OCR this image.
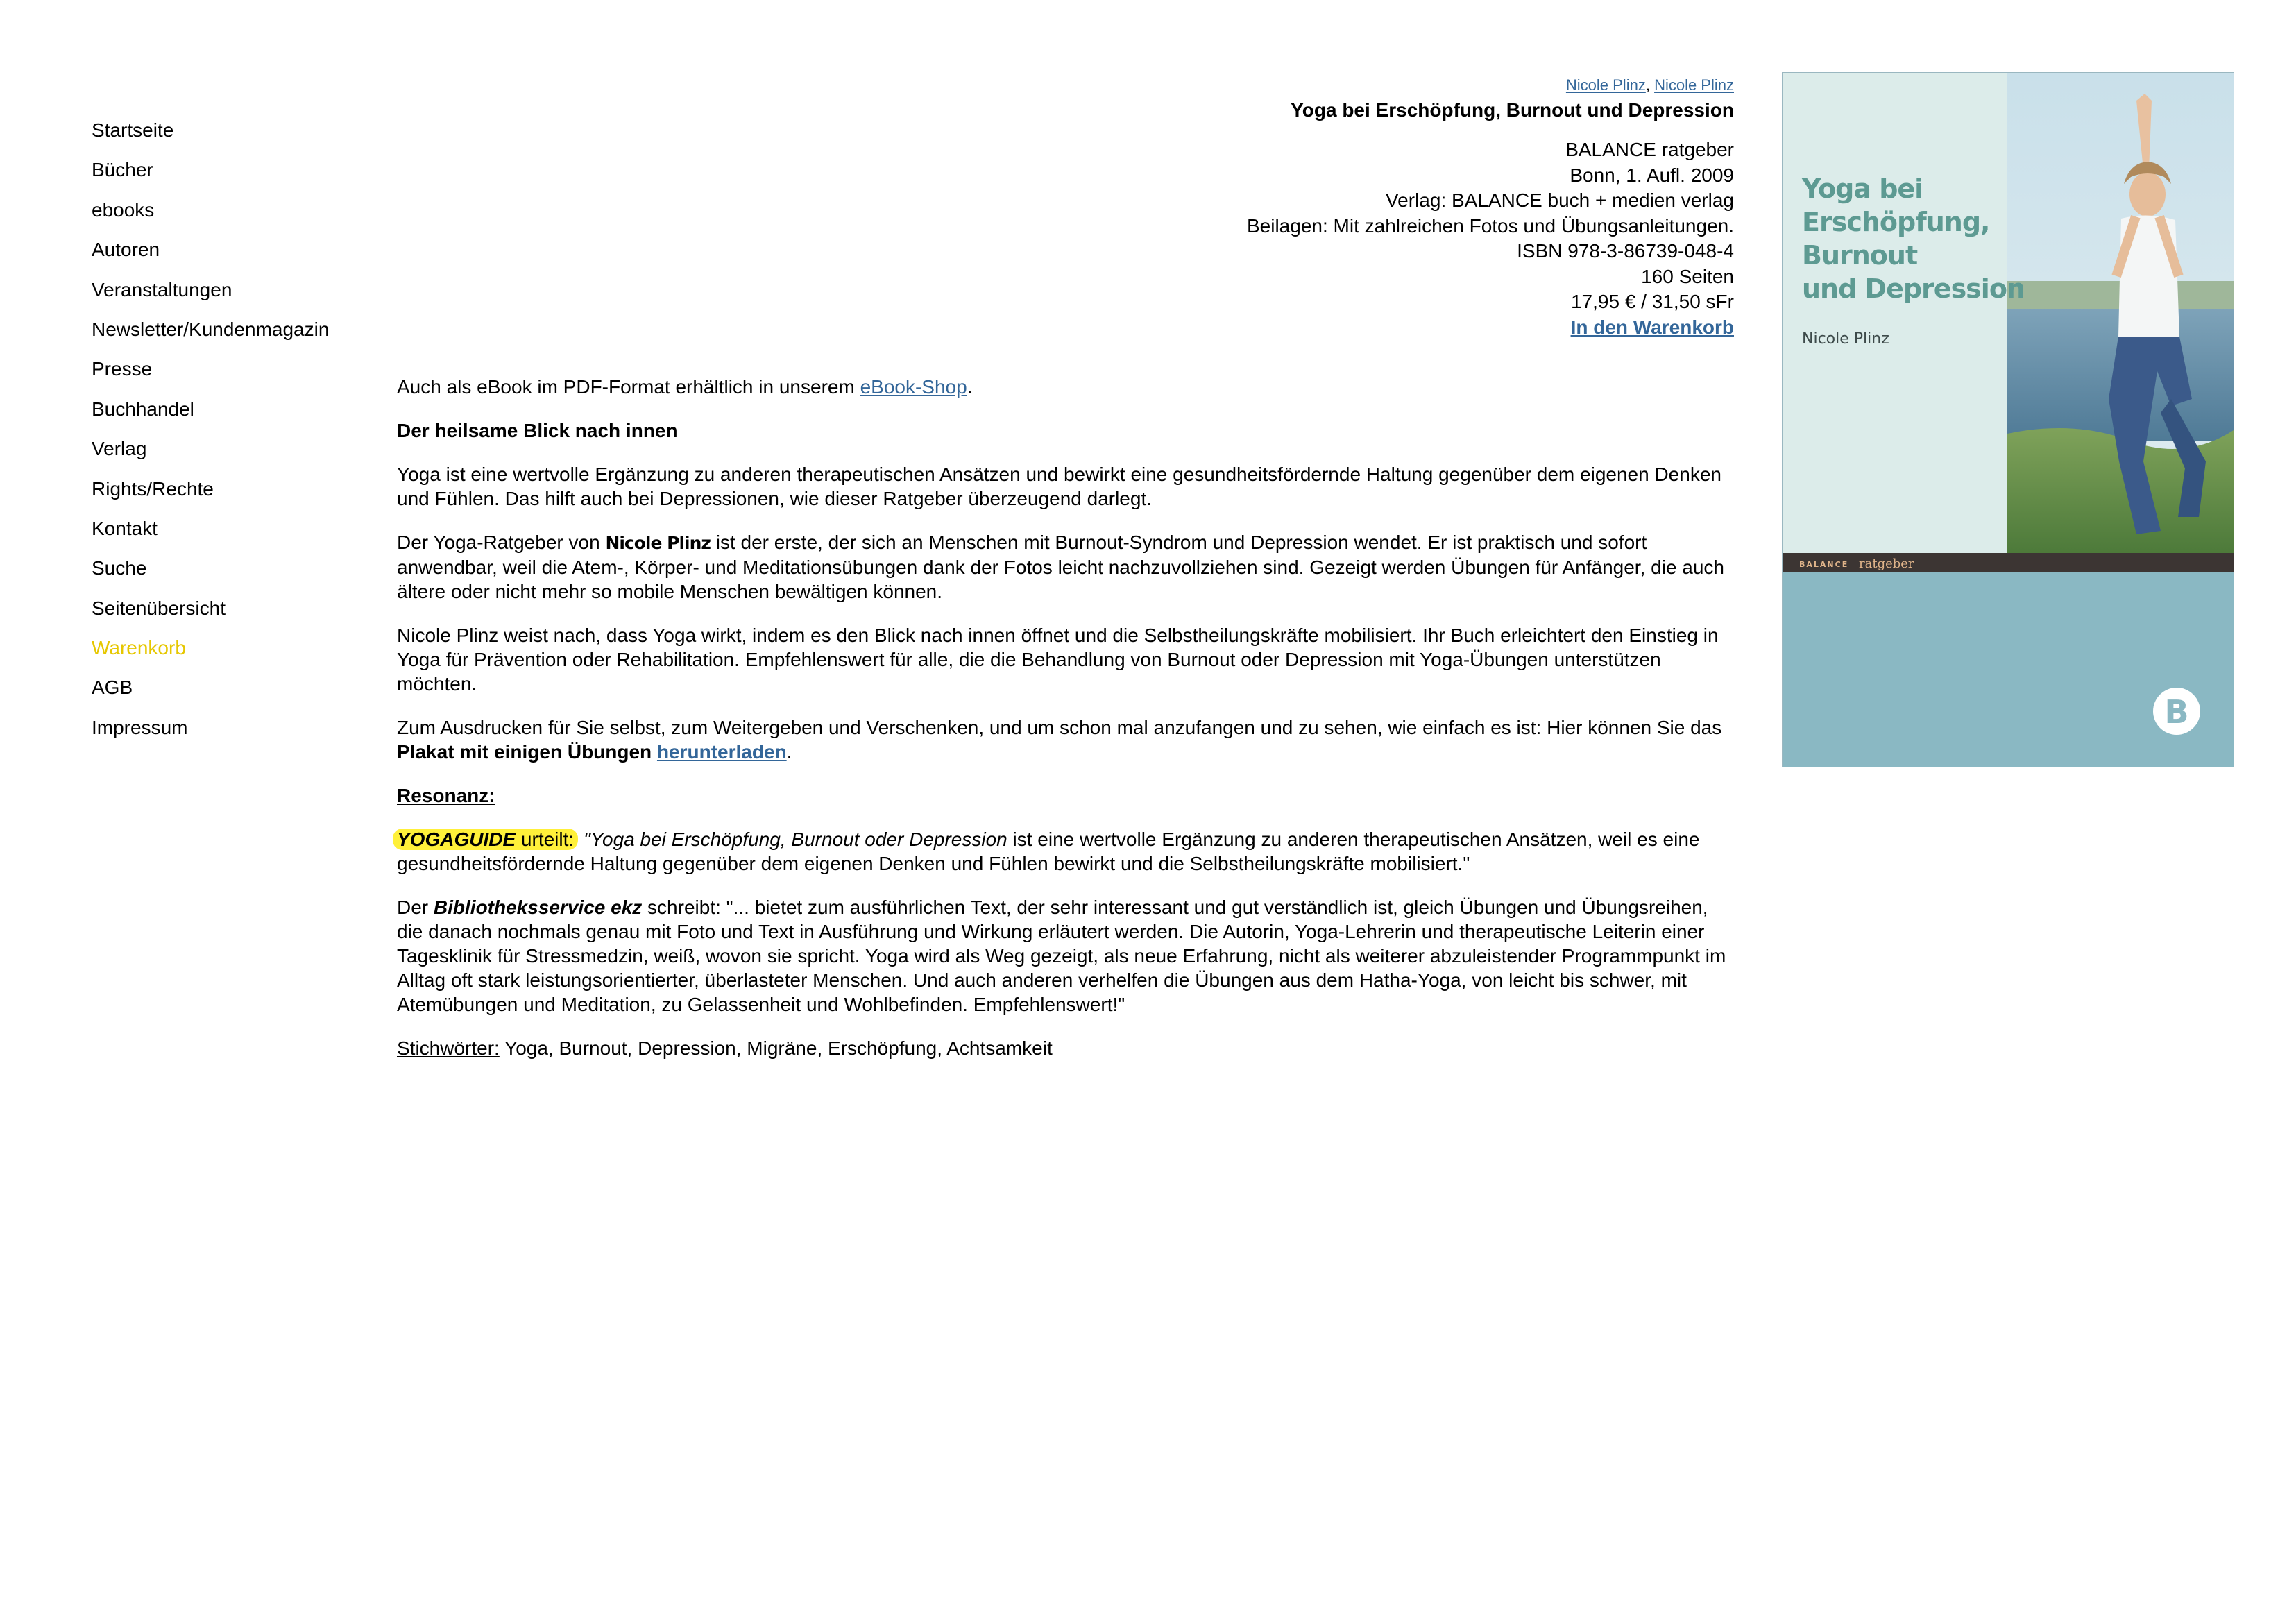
Startseite
Bücher
ebooks
Autoren
Veranstaltungen
Newsletter/Kundenmagazin
Presse
Buchhandel
Verlag
Rights/Rechte
Kontakt
Suche
Seitenübersicht
Warenkorb
AGB
Impressum
Nicole Plinz, Nicole Plinz
Yoga bei Erschöpfung, Burnout und Depression
BALANCE ratgeber
Bonn, 1. Aufl. 2009
Verlag: BALANCE buch + medien verlag
Beilagen: Mit zahlreichen Fotos und Übungsanleitungen.
ISBN 978-3-86739-048-4
160 Seiten
17,95 € / 31,50 sFr
In den Warenkorb
Yoga bei
Erschöpfung,
Burnout
und Depression
Nicole Plinz
BALANCE ratgeber
B

Auch als eBook im PDF-Format erhältlich in unserem eBook-Shop.

Der heilsame Blick nach innen

Yoga ist eine wertvolle Ergänzung zu anderen therapeutischen Ansätzen und bewirkt eine gesundheitsfördernde Haltung gegenüber dem eigenen Denken und Fühlen. Das hilft auch bei Depressionen, wie dieser Ratgeber überzeugend darlegt.

Der Yoga-Ratgeber von Nicole Plinz ist der erste, der sich an Menschen mit Burnout-Syndrom und Depression wendet. Er ist praktisch und sofort anwendbar, weil die Atem-, Körper- und Meditationsübungen dank der Fotos leicht nachzuvollziehen sind. Gezeigt werden Übungen für Anfänger, die auch ältere oder nicht mehr so mobile Menschen bewältigen können.

Nicole Plinz weist nach, dass Yoga wirkt, indem es den Blick nach innen öffnet und die Selbstheilungskräfte mobilisiert. Ihr Buch erleichtert den Einstieg in Yoga für Prävention oder Rehabilitation. Empfehlenswert für alle, die die Behandlung von Burnout oder Depression mit Yoga-Übungen unterstützen möchten.

Zum Ausdrucken für Sie selbst, zum Weitergeben und Verschenken, und um schon mal anzufangen und zu sehen, wie einfach es ist: Hier können Sie das Plakat mit einigen Übungen herunterladen.

Resonanz:

YOGAGUIDE urteilt: "Yoga bei Erschöpfung, Burnout oder Depression ist eine wertvolle Ergänzung zu anderen therapeutischen Ansätzen, weil es eine gesundheitsfördernde Haltung gegenüber dem eigenen Denken und Fühlen bewirkt und die Selbstheilungskräfte mobilisiert."

Der Bibliotheksservice ekz schreibt: "... bietet zum ausführlichen Text, der sehr interessant und gut verständlich ist, gleich Übungen und Übungsreihen, die danach nochmals genau mit Foto und Text in Ausführung und Wirkung erläutert werden. Die Autorin, Yoga-Lehrerin und therapeutische Leiterin einer Tagesklinik für Stressmedzin, weiß, wovon sie spricht. Yoga wird als Weg gezeigt, als neue Erfahrung, nicht als weiterer abzuleistender Programmpunkt im Alltag oft stark leistungsorientierter, überlasteter Menschen. Und auch anderen verhelfen die Übungen aus dem Hatha-Yoga, von leicht bis schwer, mit Atemübungen und Meditation, zu Gelassenheit und Wohlbefinden. Empfehlenswert!"

Stichwörter: Yoga, Burnout, Depression, Migräne, Erschöpfung, Achtsamkeit
